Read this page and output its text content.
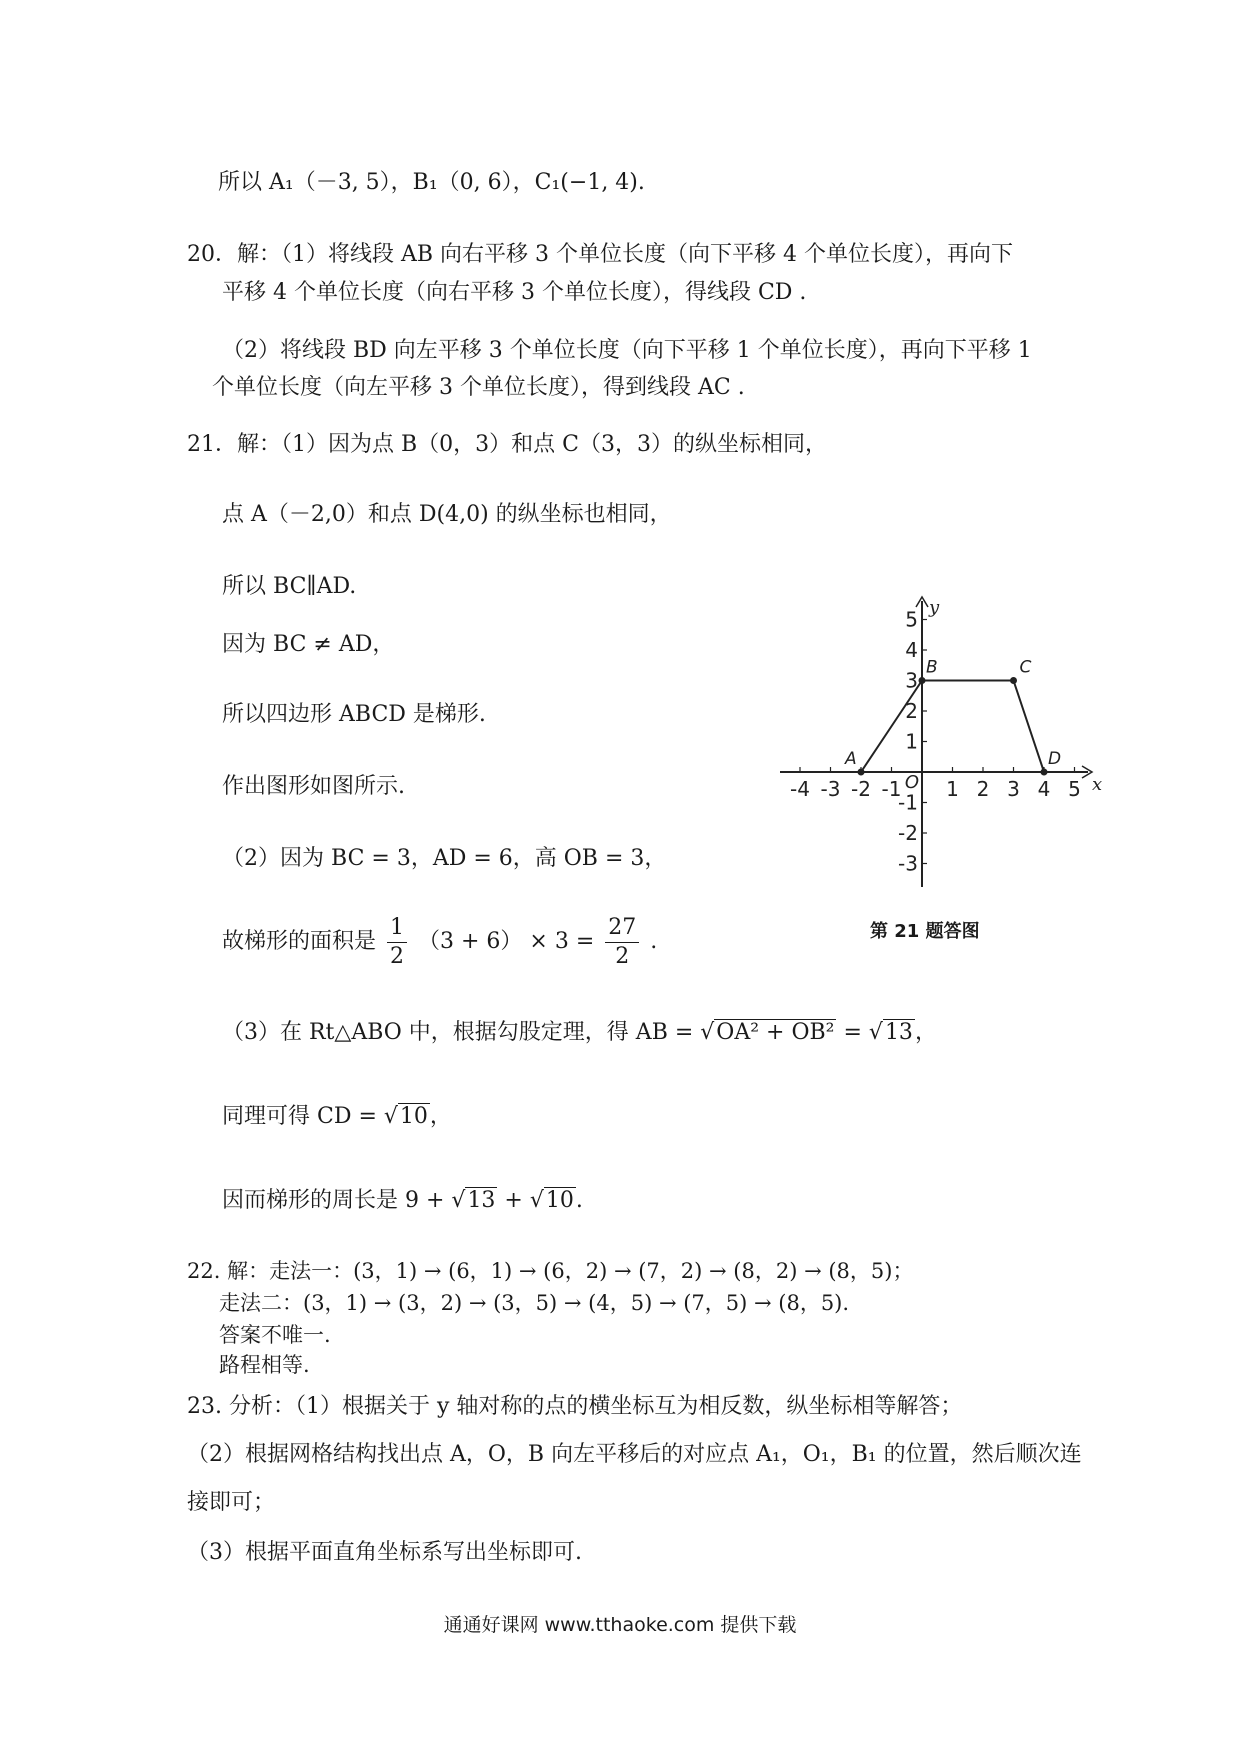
所以 A₁（－3, 5），B₁（0, 6），C₁(−1, 4).
20．解：（1）将线段 AB 向右平移 3 个单位长度（向下平移 4 个单位长度），再向下
平移 4 个单位长度（向右平移 3 个单位长度），得线段 CD .
（2）将线段 BD 向左平移 3 个单位长度（向下平移 1 个单位长度），再向下平移 1
个单位长度（向左平移 3 个单位长度），得到线段 AC .
21．解：（1）因为点 B（0，3）和点 C（3，3）的纵坐标相同，
点 A（－2,0）和点 D(4,0) 的纵坐标也相同，
所以 BC∥AD.
因为 BC ≠ AD，
所以四边形 ABCD 是梯形.
作出图形如图所示.
（2）因为 BC = 3，AD = 6，高 OB = 3，
故梯形的面积是 $\frac{1}{2} (3 + 6) \times 3 = \frac{27}{2}$ .
（3）在 Rt△ABO 中，根据勾股定理，得 AB = √OA² + OB² = √13，
同理可得 CD = √10，
因而梯形的周长是 9 + √13 + √10.
第 21 题答图
-4 -3 -2 -1 1 2 3 4 5
5
4
3
2
1
-1
-2
-3
O	x
y
A
B	C
D
22. 解：走法一：(3，1) → (6，1) → (6，2) → (7，2) → (8，2) → (8，5)；
走法二：(3，1) → (3，2) → (3，5) → (4，5) → (7，5) → (8，5).
答案不唯一.
路程相等.
23. 分析：（1）根据关于 y 轴对称的点的横坐标互为相反数，纵坐标相等解答；
（2）根据网格结构找出点 A，O，B 向左平移后的对应点 A₁，O₁，B₁ 的位置，然后顺次连
接即可；
（3）根据平面直角坐标系写出坐标即可.
通通好课网 www.tthaoke.com 提供下载
